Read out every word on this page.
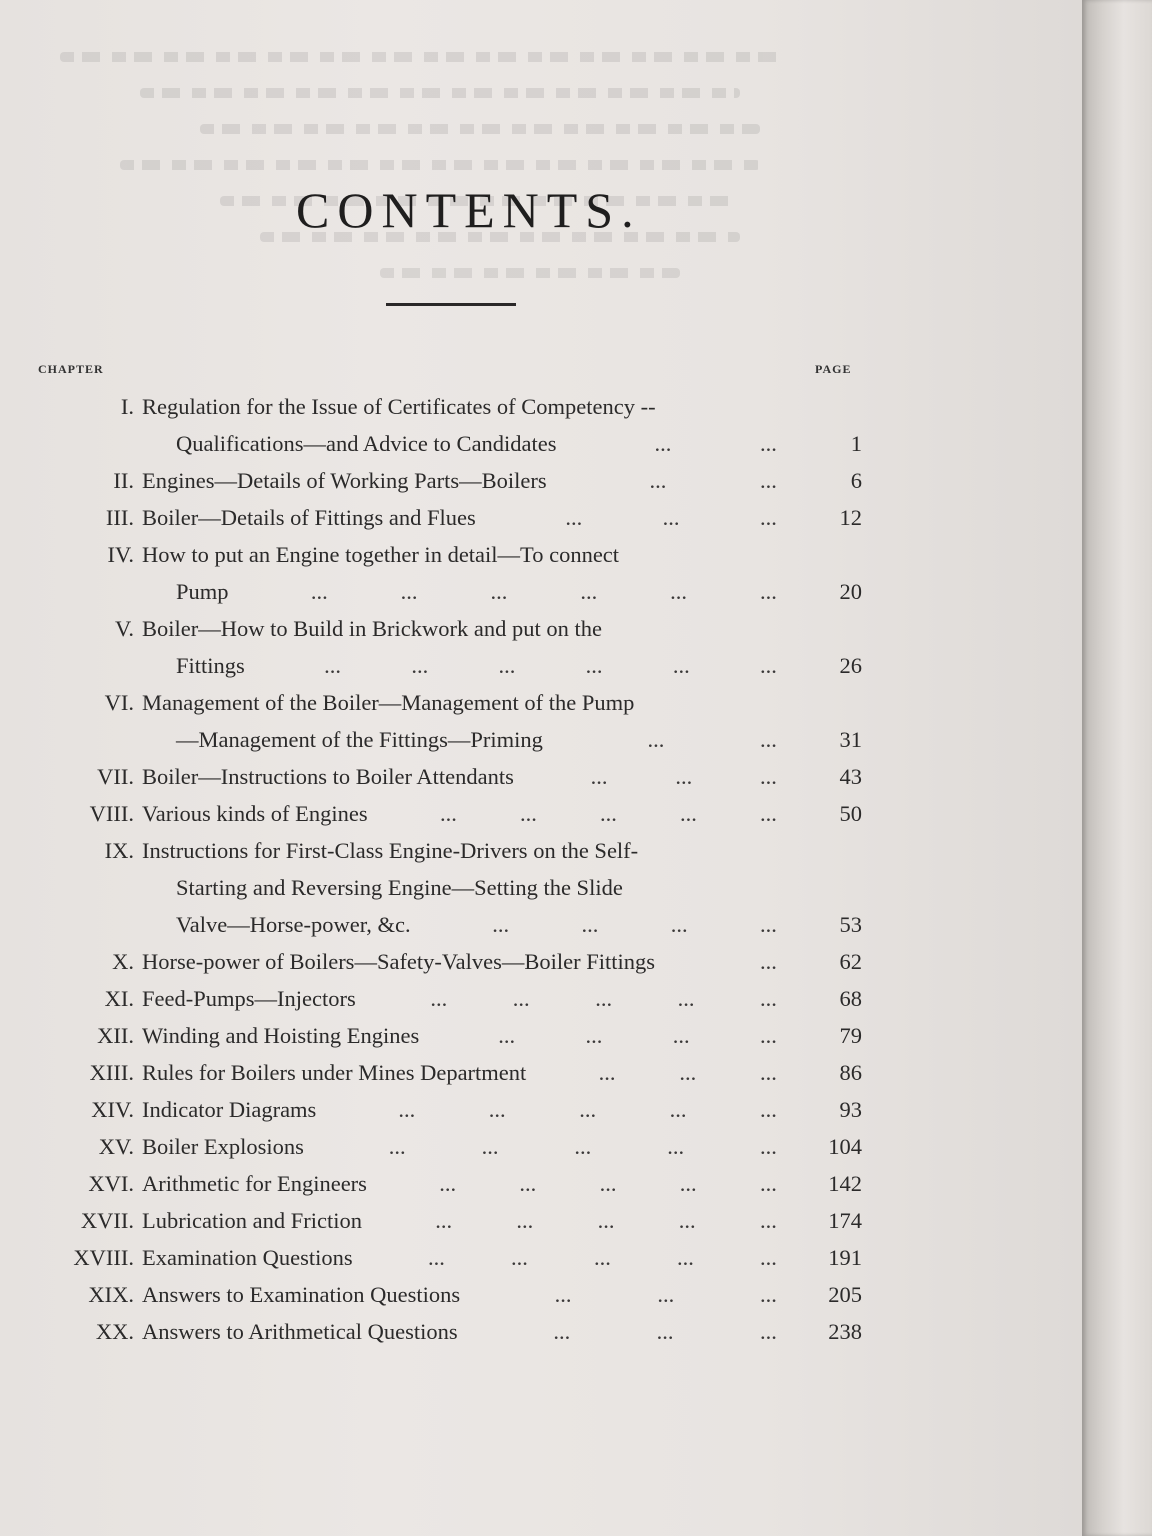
CONTENTS.
CHAPTER	PAGE
I. Regulation for the Issue of Certificates of Competency --
Qualifications—and Advice to Candidates	...	...	1
II. Engines—Details of Working Parts—Boilers	...	...	6
III. Boiler—Details of Fittings and Flues	...	...	...	12
IV. How to put an Engine together in detail—To connect
Pump	...	...	...	...	...	...	20
V. Boiler—How to Build in Brickwork and put on the
Fittings	...	...	...	...	...	...	26
VI. Management of the Boiler—Management of the Pump
—Management of the Fittings—Priming	...	...	31
VII. Boiler—Instructions to Boiler Attendants	...	...	...	43
VIII. Various kinds of Engines	...	...	...	...	...	50
IX. Instructions for First-Class Engine-Drivers on the Self-
Starting and Reversing Engine—Setting the Slide
Valve—Horse-power, &c.	...	...	...	...	53
X. Horse-power of Boilers—Safety-Valves—Boiler Fittings	...	62
XI. Feed-Pumps—Injectors	...	...	...	...	...	68
XII. Winding and Hoisting Engines	...	...	...	...	79
XIII. Rules for Boilers under Mines Department	...	...	...	86
XIV. Indicator Diagrams	...	...	...	...	...	93
XV. Boiler Explosions	...	...	...	...	...	104
XVI. Arithmetic for Engineers	...	...	...	...	...	142
XVII. Lubrication and Friction	...	...	...	...	...	174
XVIII. Examination Questions	...	...	...	...	...	191
XIX. Answers to Examination Questions	...	...	...	205
XX. Answers to Arithmetical Questions	...	...	...	238
